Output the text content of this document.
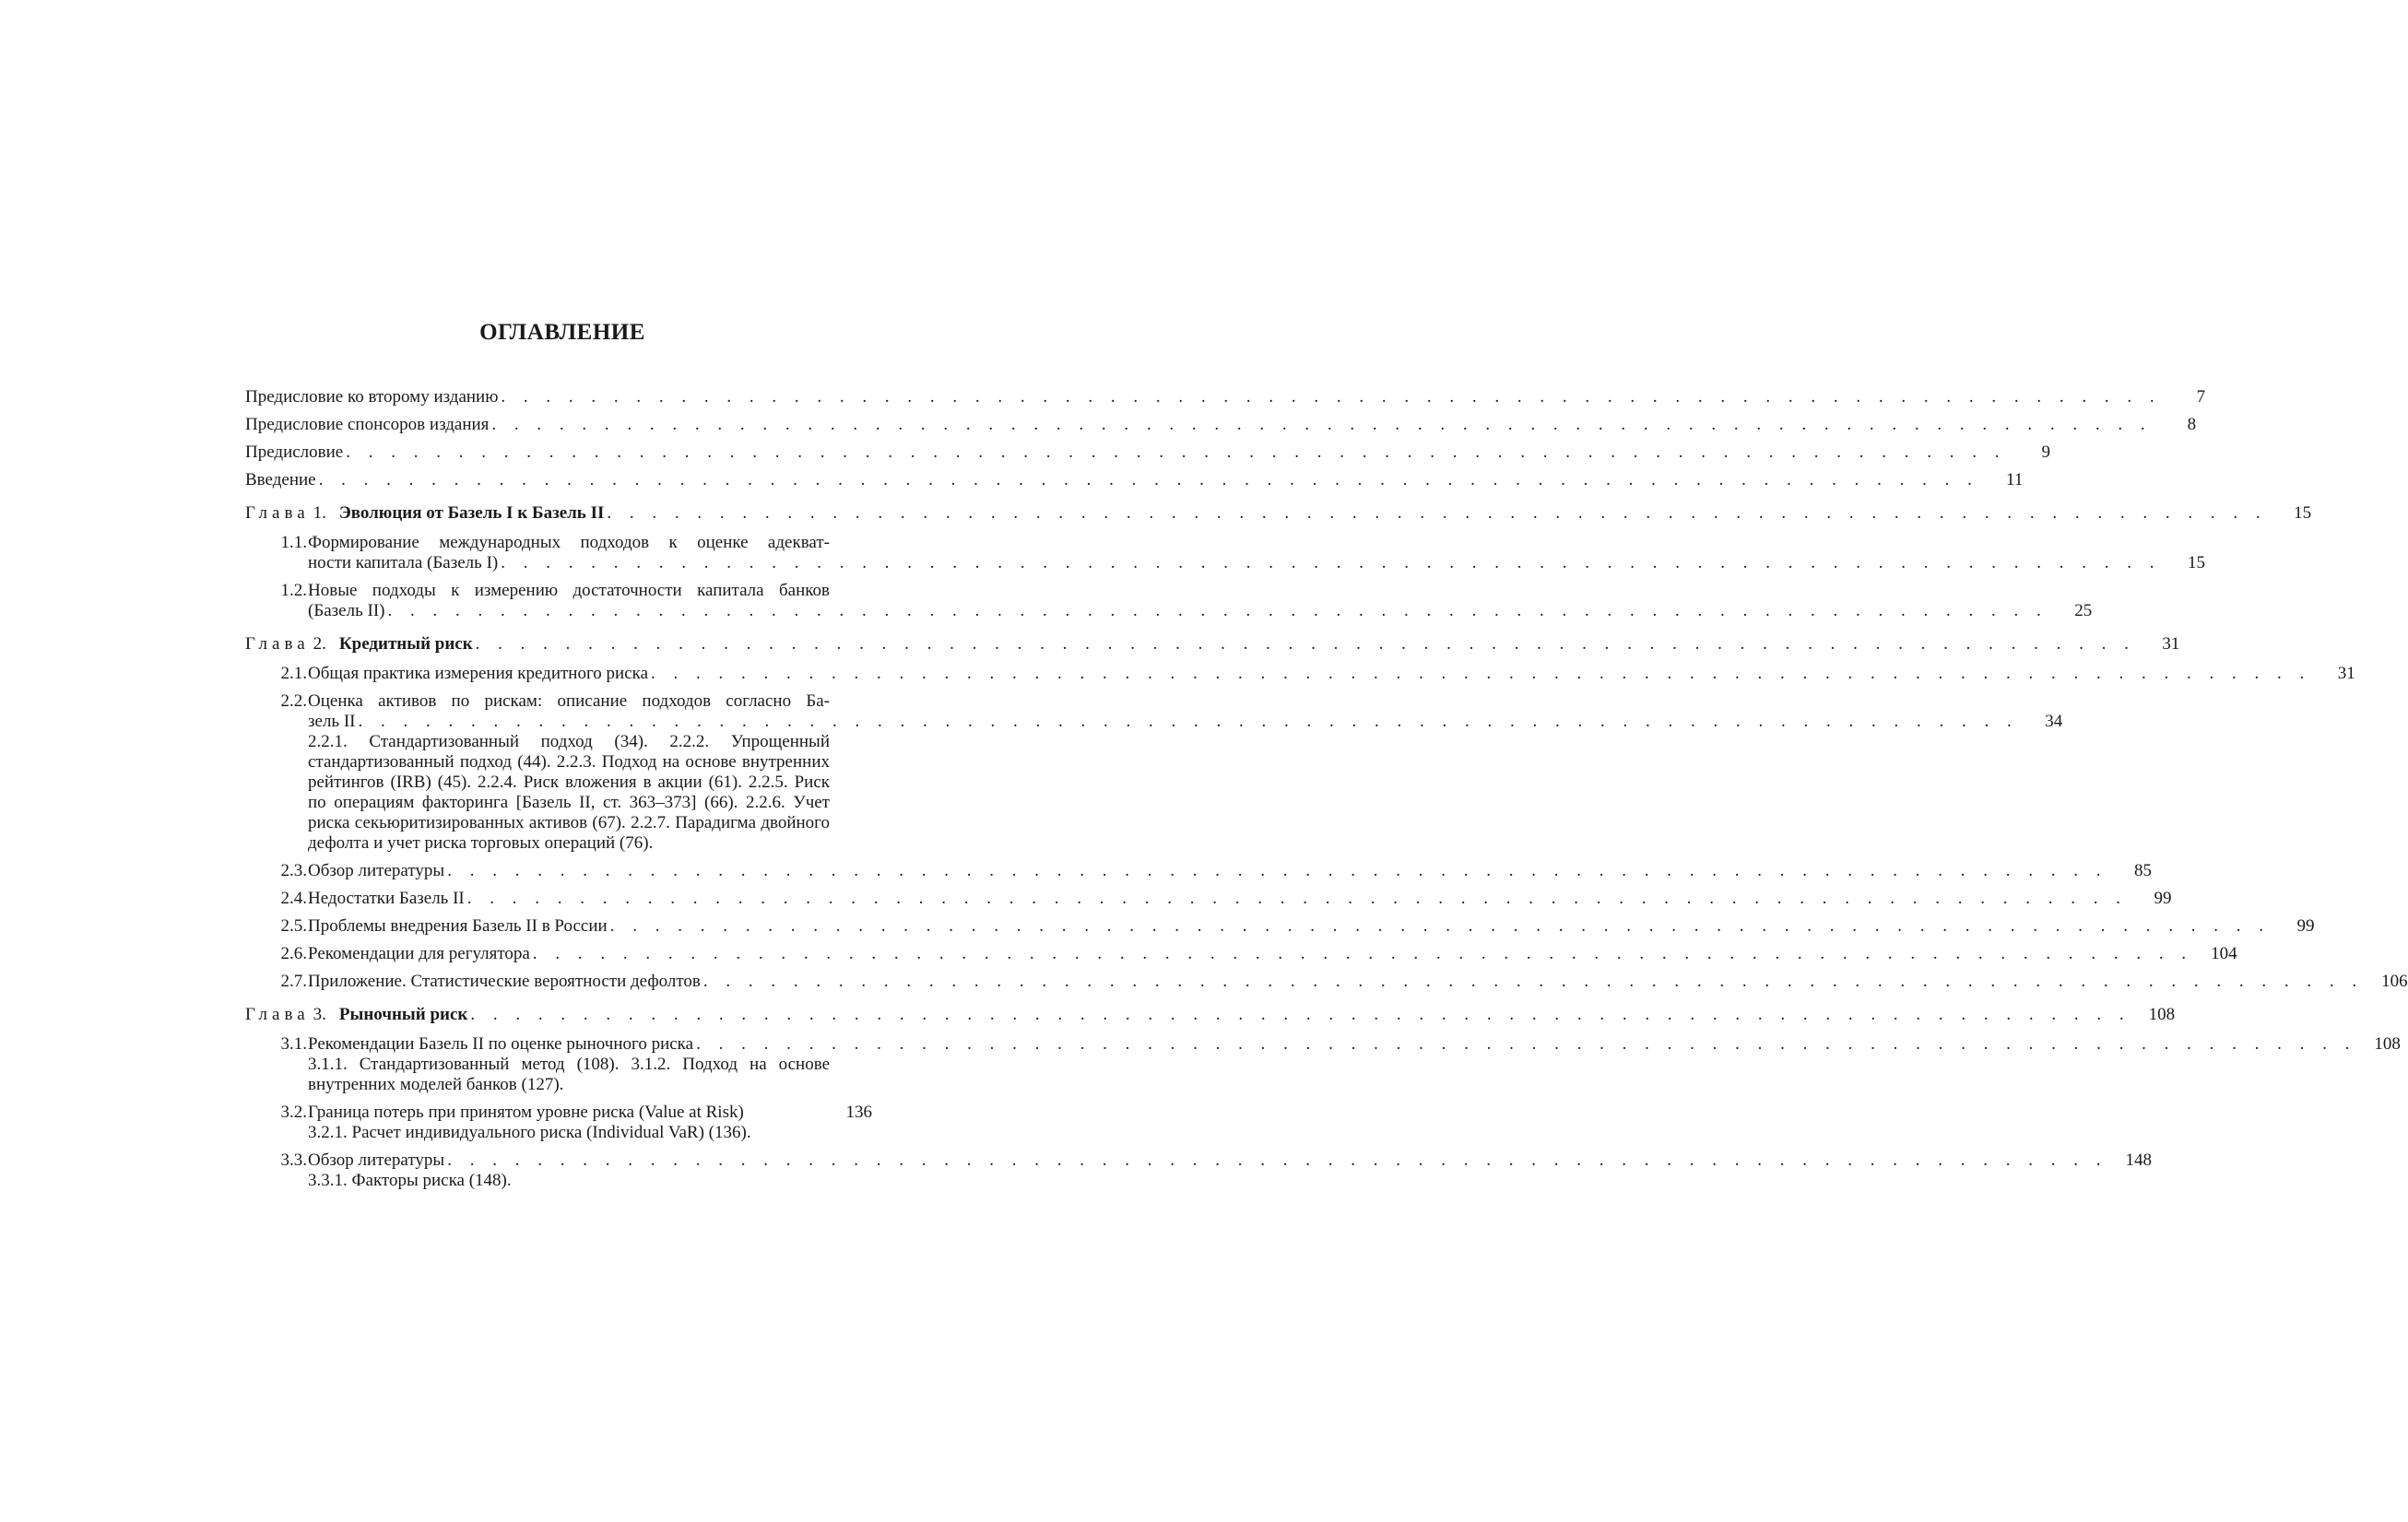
ОГЛАВЛЕНИЕ
Предисловие ко второму изданию . . . . . . . . . . . . . . . . . . . . . . . . . . . . . . . . . . . . . . . . . . . . . . . . . . . . . . . . . . . . . . . . . . . . . . . . . .	7
Предисловие спонсоров издания . . . . . . . . . . . . . . . . . . . . . . . . . . . . . . . . . . . . . . . . . . . . . . . . . . . . . . . . . . . . . . . . . . . . . . . . . .	8
Предисловие . . . . . . . . . . . . . . . . . . . . . . . . . . . . . . . . . . . . . . . . . . . . . . . . . . . . . . . . . . . . . . . . . . . . . . . . . .	9
Введение . . . . . . . . . . . . . . . . . . . . . . . . . . . . . . . . . . . . . . . . . . . . . . . . . . . . . . . . . . . . . . . . . . . . . . . . . .	11
Глава 1. Эволюция от Базель I к Базель II . . . . . . . . . . . . . . . . . . . . . . . . . . . . . . . . . . . . . . . . . . . . . . . . . . . . . . . . . . . . . . . . . . . . . . . . . .	15
1.1. Формирование международных подходов к оценке адекват-
ности капитала (Базель I) . . . . . . . . . . . . . . . . . . . . . . . . . . . . . . . . . . . . . . . . . . . . . . . . . . . . . . . . . . . . . . . . . . . . . . . . . .	15
1.2. Новые подходы к измерению достаточности капитала банков
(Базель II) . . . . . . . . . . . . . . . . . . . . . . . . . . . . . . . . . . . . . . . . . . . . . . . . . . . . . . . . . . . . . . . . . . . . . . . . . .	25
Глава 2. Кредитный риск . . . . . . . . . . . . . . . . . . . . . . . . . . . . . . . . . . . . . . . . . . . . . . . . . . . . . . . . . . . . . . . . . . . . . . . . . .	31
2.1. Общая практика измерения кредитного риска . . . . . . . . . . . . . . . . . . . . . . . . . . . . . . . . . . . . . . . . . . . . . . . . . . . . . . . . . . . . . . . . . . . . . . . . . .	31
2.2. Оценка активов по рискам: описание подходов согласно Ба-
зель II . . . . . . . . . . . . . . . . . . . . . . . . . . . . . . . . . . . . . . . . . . . . . . . . . . . . . . . . . . . . . . . . . . . . . . . . . .	34
2.2.1. Стандартизованный подход (34). 2.2.2. Упрощенный стандартизованный подход (44). 2.2.3. Подход на основе внутренних рейтингов (IRB) (45). 2.2.4. Риск вложения в акции (61). 2.2.5. Риск по операциям факторинга [Базель II, ст. 363–373] (66). 2.2.6. Учет риска секьюритизированных активов (67). 2.2.7. Парадигма двойного дефолта и учет риска торговых операций (76).
2.3. Обзор литературы . . . . . . . . . . . . . . . . . . . . . . . . . . . . . . . . . . . . . . . . . . . . . . . . . . . . . . . . . . . . . . . . . . . . . . . . . .	85
2.4. Недостатки Базель II . . . . . . . . . . . . . . . . . . . . . . . . . . . . . . . . . . . . . . . . . . . . . . . . . . . . . . . . . . . . . . . . . . . . . . . . . .	99
2.5. Проблемы внедрения Базель II в России . . . . . . . . . . . . . . . . . . . . . . . . . . . . . . . . . . . . . . . . . . . . . . . . . . . . . . . . . . . . . . . . . . . . . . . . . .	99
2.6. Рекомендации для регулятора . . . . . . . . . . . . . . . . . . . . . . . . . . . . . . . . . . . . . . . . . . . . . . . . . . . . . . . . . . . . . . . . . . . . . . . . . .	104
2.7. Приложение. Статистические вероятности дефолтов . . . . . . . . . . . . . . . . . . . . . . . . . . . . . . . . . . . . . . . . . . . . . . . . . . . . . . . . . . . . . . . . . . . . . . . . . .	106
Глава 3. Рыночный риск . . . . . . . . . . . . . . . . . . . . . . . . . . . . . . . . . . . . . . . . . . . . . . . . . . . . . . . . . . . . . . . . . . . . . . . . . .	108
3.1. Рекомендации Базель II по оценке рыночного риска . . . . . . . . . . . . . . . . . . . . . . . . . . . . . . . . . . . . . . . . . . . . . . . . . . . . . . . . . . . . . . . . . . . . . . . . . .	108
3.1.1. Стандартизованный метод (108). 3.1.2. Подход на основе внутренних моделей банков (127).
3.2. Граница потерь при принятом уровне риска (Value at Risk)	136
3.2.1. Расчет индивидуального риска (Individual VaR) (136).
3.3. Обзор литературы . . . . . . . . . . . . . . . . . . . . . . . . . . . . . . . . . . . . . . . . . . . . . . . . . . . . . . . . . . . . . . . . . . . . . . . . . .	148
3.3.1. Факторы риска (148).
